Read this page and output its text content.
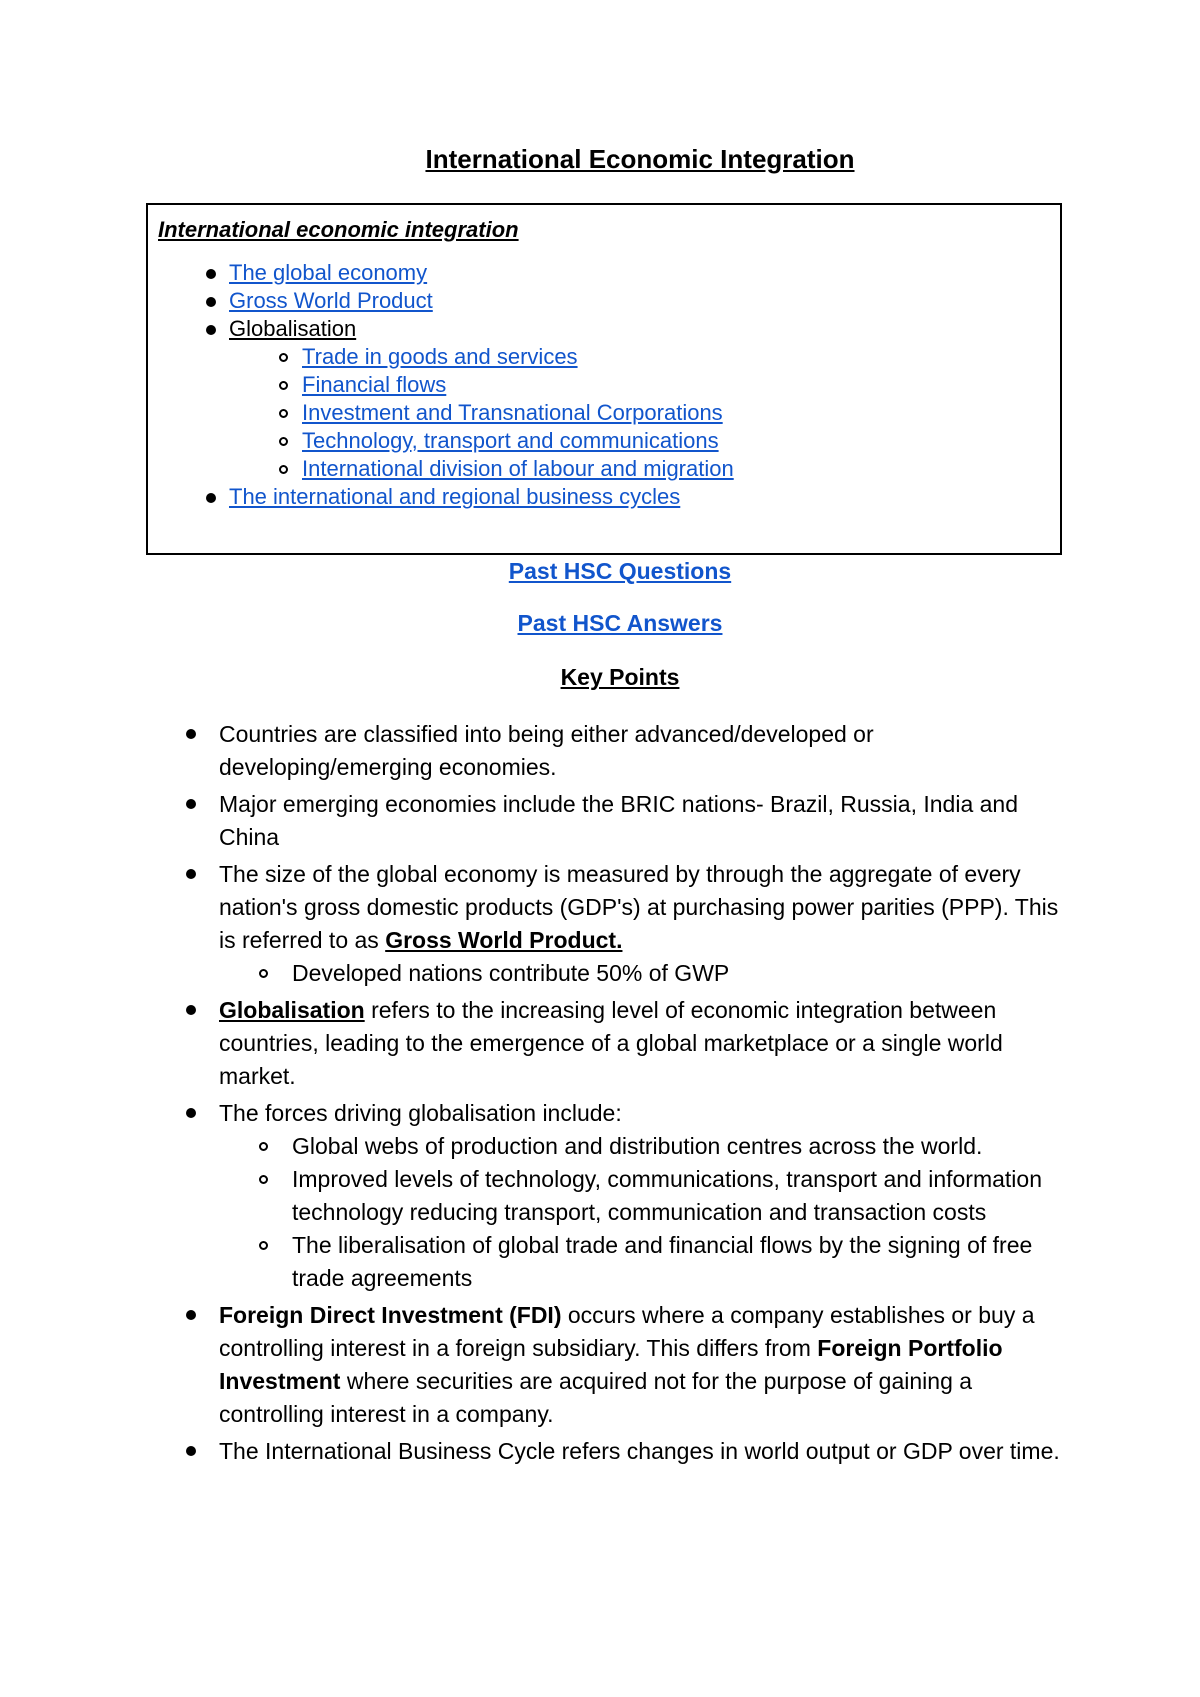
International Economic Integration

International economic integration

The global economy
Gross World Product
Globalisation
Trade in goods and services
Financial flows
Investment and Transnational Corporations
Technology, transport and communications
International division of labour and migration
The international and regional business cycles
Past HSC Questions
Past HSC Answers
Key Points
Countries are classified into being either advanced/developed or developing/emerging economies.
Major emerging economies include the BRIC nations- Brazil, Russia, India and China
The size of the global economy is measured by through the aggregate of every nation's gross domestic products (GDP's) at purchasing power parities (PPP). This is referred to as Gross World Product.
Developed nations contribute 50% of GWP
Globalisation refers to the increasing level of economic integration between countries, leading to the emergence of a global marketplace or a single world market.
The forces driving globalisation include:
Global webs of production and distribution centres across the world.
Improved levels of technology, communications, transport and information technology reducing transport, communication and transaction costs
The liberalisation of global trade and financial flows by the signing of free trade agreements
Foreign Direct Investment (FDI) occurs where a company establishes or buy a controlling interest in a foreign subsidiary. This differs from Foreign Portfolio Investment where securities are acquired not for the purpose of gaining a controlling interest in a company.
The International Business Cycle refers changes in world output or GDP over time.
